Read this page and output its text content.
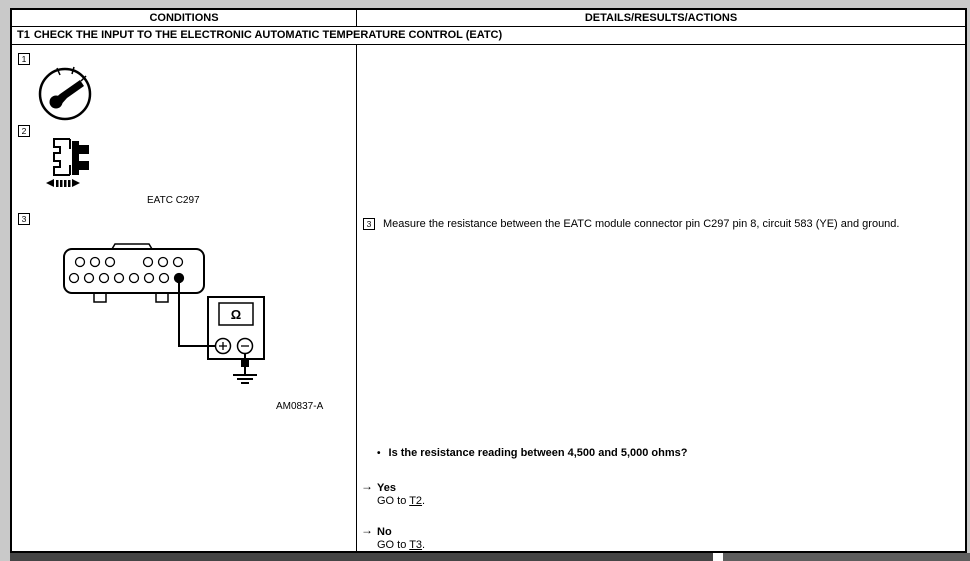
CONDITIONS	DETAILS/RESULTS/ACTIONS
T1 CHECK THE INPUT TO THE ELECTRONIC AUTOMATIC TEMPERATURE CONTROL (EATC)
1
2
EATC C297
3
Ω
AM0837-A
3	Measure the resistance between the EATC module connector pin C297 pin 8, circuit 583 (YE) and ground.
• Is the resistance reading between 4,500 and 5,000 ohms?
→ Yes
GO to T2.
→ No
GO to T3.
